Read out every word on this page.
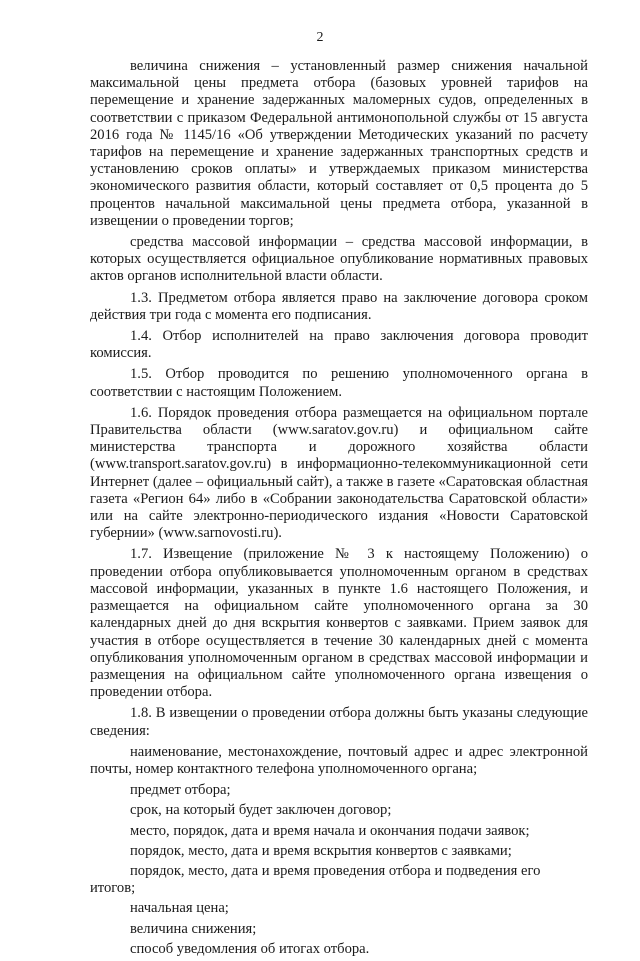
2

величина снижения – установленный размер снижения начальной максимальной цены предмета отбора (базовых уровней тарифов на перемещение и хранение задержанных маломерных судов, определенных в соответствии с приказом Федеральной антимонопольной службы от 15 августа 2016 года № 1145/16 «Об утверждении Методических указаний по расчету тарифов на перемещение и хранение задержанных транспортных средств и установлению сроков оплаты» и утверждаемых приказом министерства экономического развития области, который составляет от 0,5 процента до 5 процентов начальной максимальной цены предмета отбора, указанной в извещении о проведении торгов;

средства массовой информации – средства массовой информации, в которых осуществляется официальное опубликование нормативных правовых актов органов исполнительной власти области.

1.3. Предметом отбора является право на заключение договора сроком действия три года с момента его подписания.

1.4. Отбор исполнителей на право заключения договора проводит комиссия.

1.5. Отбор проводится по решению уполномоченного органа в соответствии с настоящим Положением.

1.6. Порядок проведения отбора размещается на официальном портале Правительства области (www.saratov.gov.ru) и официальном сайте министерства транспорта и дорожного хозяйства области (www.transport.saratov.gov.ru) в информационно-телекоммуникационной сети Интернет (далее – официальный сайт), а также в газете «Саратовская областная газета «Регион 64» либо в «Собрании законодательства Саратовской области» или на сайте электронно-периодического издания «Новости Саратовской губернии» (www.sarnovosti.ru).

1.7. Извещение (приложение № 3 к настоящему Положению) о проведении отбора опубликовывается уполномоченным органом в средствах массовой информации, указанных в пункте 1.6 настоящего Положения, и размещается на официальном сайте уполномоченного органа за 30 календарных дней до дня вскрытия конвертов с заявками. Прием заявок для участия в отборе осуществляется в течение 30 календарных дней с момента опубликования уполномоченным органом в средствах массовой информации и размещения на официальном сайте уполномоченного органа извещения о проведении отбора.

1.8. В извещении о проведении отбора должны быть указаны следующие сведения:

наименование, местонахождение, почтовый адрес и адрес электронной почты, номер контактного телефона уполномоченного органа;

предмет отбора;

срок, на который будет заключен договор;

место, порядок, дата и время начала и окончания подачи заявок;

порядок, место, дата и время вскрытия конвертов с заявками;

порядок, место, дата и время проведения отбора и подведения его итогов;

начальная цена;

величина снижения;

способ уведомления об итогах отбора.
